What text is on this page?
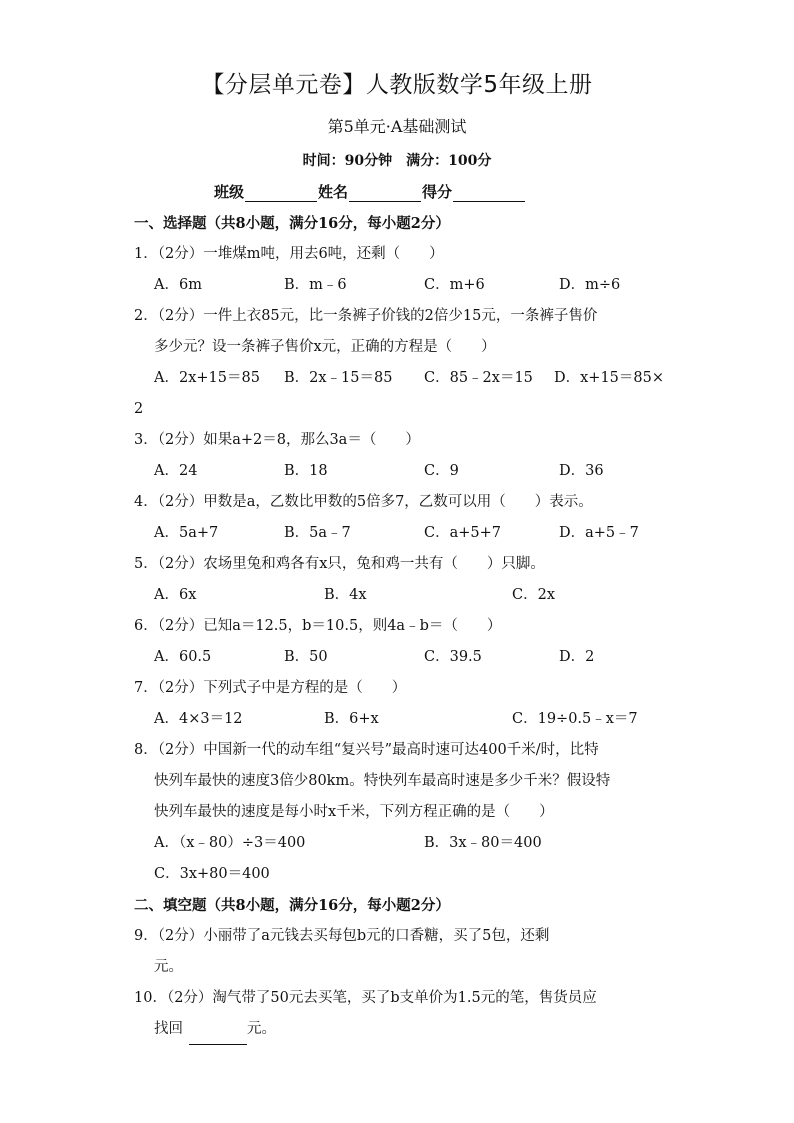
【分层单元卷】人教版数学5年级上册
第5单元·A基础测试
时间：90分钟 满分：100分
班级	姓名	得分
一、选择题（共8小题，满分16分，每小题2分）
1．（2分）一堆煤m吨，用去6吨，还剩（　　）
A．6m	B．m﹣6	C．m+6	D．m÷6
2．（2分）一件上衣85元，比一条裤子价钱的2倍少15元，一条裤子售价
多少元？设一条裤子售价x元，正确的方程是（　　）
A．2x+15＝85 B．2x﹣15＝85 C．85﹣2x＝15 D．x+15＝85×
2
3．（2分）如果a+2＝8，那么3a＝（　　）
A．24	B．18	C．9	D．36
4．（2分）甲数是a，乙数比甲数的5倍多7，乙数可以用（　　）表示。
A．5a+7	B．5a﹣7	C．a+5+7	D．a+5﹣7
5．（2分）农场里兔和鸡各有x只，兔和鸡一共有（　　）只脚。
A．6x	B．4x	C．2x
6．（2分）已知a＝12.5，b＝10.5，则4a﹣b＝（　　）
A．60.5	B．50	C．39.5	D．2
7．（2分）下列式子中是方程的是（　　）
A．4×3＝12	B．6+x	C．19÷0.5﹣x＝7
8．（2分）中国新一代的动车组“复兴号”最高时速可达400千米/时，比特
快列车最快的速度3倍少80km。特快列车最高时速是多少千米？假设特
快列车最快的速度是每小时x千米，下列方程正确的是（　　）
A．（x﹣80）÷3＝400	B．3x﹣80＝400
C．3x+80＝400
二、填空题（共8小题，满分16分，每小题2分）
9．（2分）小丽带了a元钱去买每包b元的口香糖，买了5包，还剩
元。
10．（2分）淘气带了50元去买笔，买了b支单价为1.5元的笔，售货员应
找回	元。
